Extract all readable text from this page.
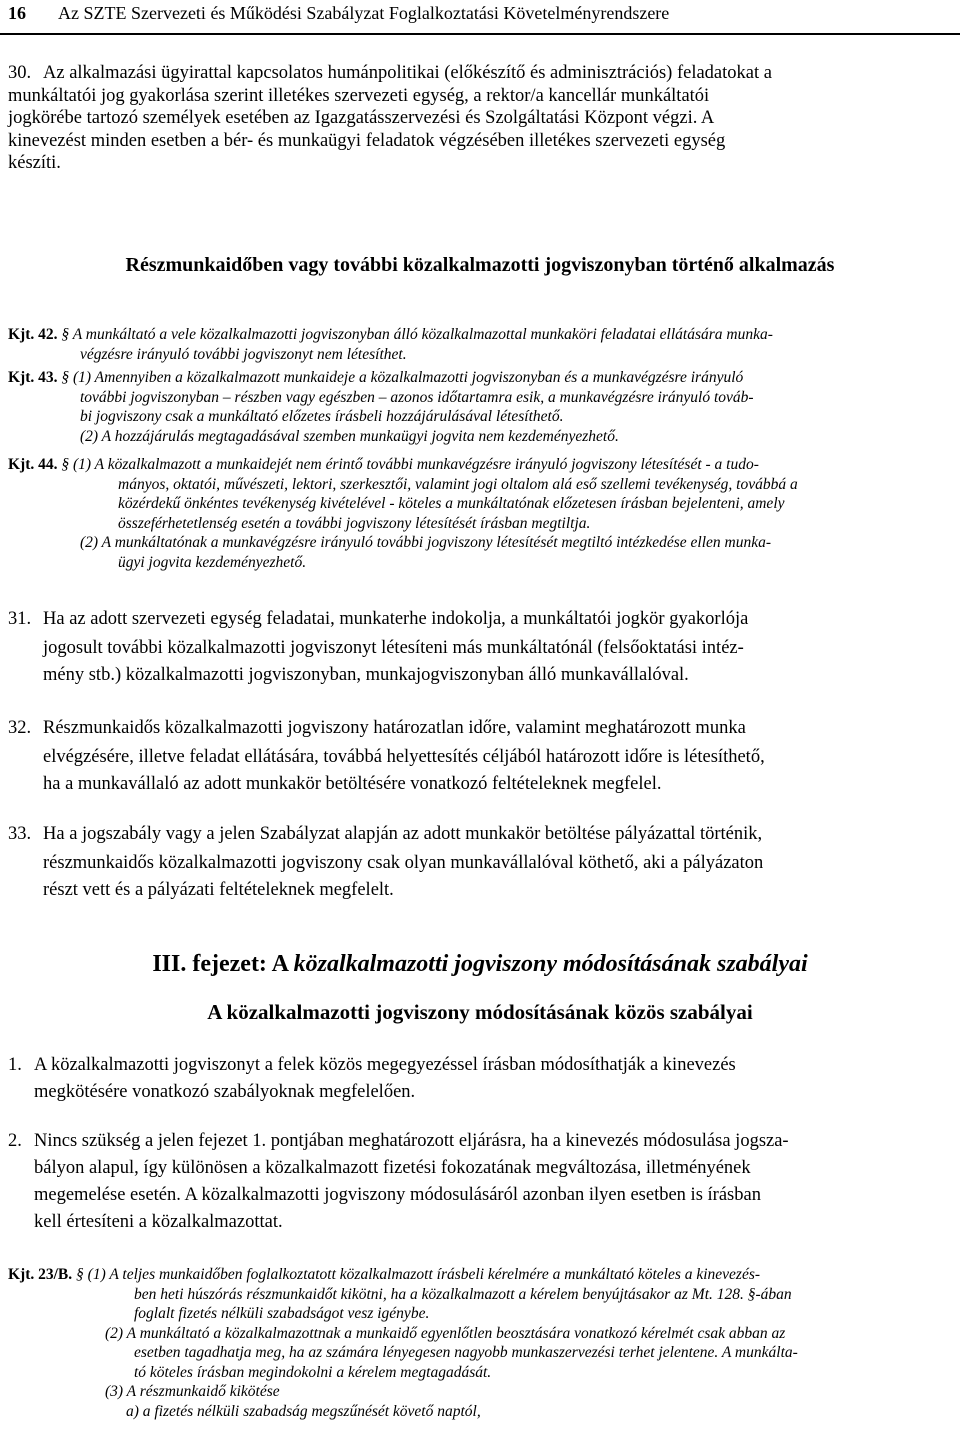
16 Az SZTE Szervezeti és Működési Szabályzat Foglalkoztatási Követelményrendszere
30. Az alkalmazási ügyirattal kapcsolatos humánpolitikai (előkészítő és adminisztrációs) feladatokat a
munkáltatói jog gyakorlása szerint illetékes szervezeti egység, a rektor/a kancellár munkáltatói
jogkörébe tartozó személyek esetében az Igazgatásszervezési és Szolgáltatási Központ végzi. A
kinevezést minden esetben a bér- és munkaügyi feladatok végzésében illetékes szervezeti egység
készíti.
Részmunkaidőben vagy további közalkalmazotti jogviszonyban történő alkalmazás
Kjt. 42. § A munkáltató a vele közalkalmazotti jogviszonyban álló közalkalmazottal munkaköri feladatai ellátására munka-
végzésre irányuló további jogviszonyt nem létesíthet.
Kjt. 43. § (1) Amennyiben a közalkalmazott munkaideje a közalkalmazotti jogviszonyban és a munkavégzésre irányuló
további jogviszonyban – részben vagy egészben – azonos időtartamra esik, a munkavégzésre irányuló továb-
bi jogviszony csak a munkáltató előzetes írásbeli hozzájárulásával létesíthető.
(2) A hozzájárulás megtagadásával szemben munkaügyi jogvita nem kezdeményezhető.
Kjt. 44. § (1) A közalkalmazott a munkaidejét nem érintő további munkavégzésre irányuló jogviszony létesítését - a tudo-
mányos, oktatói, művészeti, lektori, szerkesztői, valamint jogi oltalom alá eső szellemi tevékenység, továbbá a
közérdekű önkéntes tevékenység kivételével - köteles a munkáltatónak előzetesen írásban bejelenteni, amely
összeférhetetlenség esetén a további jogviszony létesítését írásban megtiltja.
(2) A munkáltatónak a munkavégzésre irányuló további jogviszony létesítését megtiltó intézkedése ellen munka-
ügyi jogvita kezdeményezhető.
31. Ha az adott szervezeti egység feladatai, munkaterhe indokolja, a munkáltatói jogkör gyakorlója
jogosult további közalkalmazotti jogviszonyt létesíteni más munkáltatónál (felsőoktatási intéz-
mény stb.) közalkalmazotti jogviszonyban, munkajogviszonyban álló munkavállalóval.
32. Részmunkaidős közalkalmazotti jogviszony határozatlan időre, valamint meghatározott munka
elvégzésére, illetve feladat ellátására, továbbá helyettesítés céljából határozott időre is létesíthető,
ha a munkavállaló az adott munkakör betöltésére vonatkozó feltételeknek megfelel.
33. Ha a jogszabály vagy a jelen Szabályzat alapján az adott munkakör betöltése pályázattal történik,
részmunkaidős közalkalmazotti jogviszony csak olyan munkavállalóval köthető, aki a pályázaton
részt vett és a pályázati feltételeknek megfelelt.
III. fejezet: A közalkalmazotti jogviszony módosításának szabályai
A közalkalmazotti jogviszony módosításának közös szabályai
1. A közalkalmazotti jogviszonyt a felek közös megegyezéssel írásban módosíthatják a kinevezés
megkötésére vonatkozó szabályoknak megfelelően.
2. Nincs szükség a jelen fejezet 1. pontjában meghatározott eljárásra, ha a kinevezés módosulása jogsza-
bályon alapul, így különösen a közalkalmazott fizetési fokozatának megváltozása, illetményének
megemelése esetén. A közalkalmazotti jogviszony módosulásáról azonban ilyen esetben is írásban
kell értesíteni a közalkalmazottat.
Kjt. 23/B. § (1) A teljes munkaidőben foglalkoztatott közalkalmazott írásbeli kérelmére a munkáltató köteles a kinevezés-
ben heti húszórás részmunkaidőt kikötni, ha a közalkalmazott a kérelem benyújtásakor az Mt. 128. §-ában
foglalt fizetés nélküli szabadságot vesz igénybe.
(2) A munkáltató a közalkalmazottnak a munkaidő egyenlőtlen beosztására vonatkozó kérelmét csak abban az
esetben tagadhatja meg, ha az számára lényegesen nagyobb munkaszervezési terhet jelentene. A munkálta-
tó köteles írásban megindokolni a kérelem megtagadását.
(3) A részmunkaidő kikötése
a) a fizetés nélküli szabadság megszűnését követő naptól,
